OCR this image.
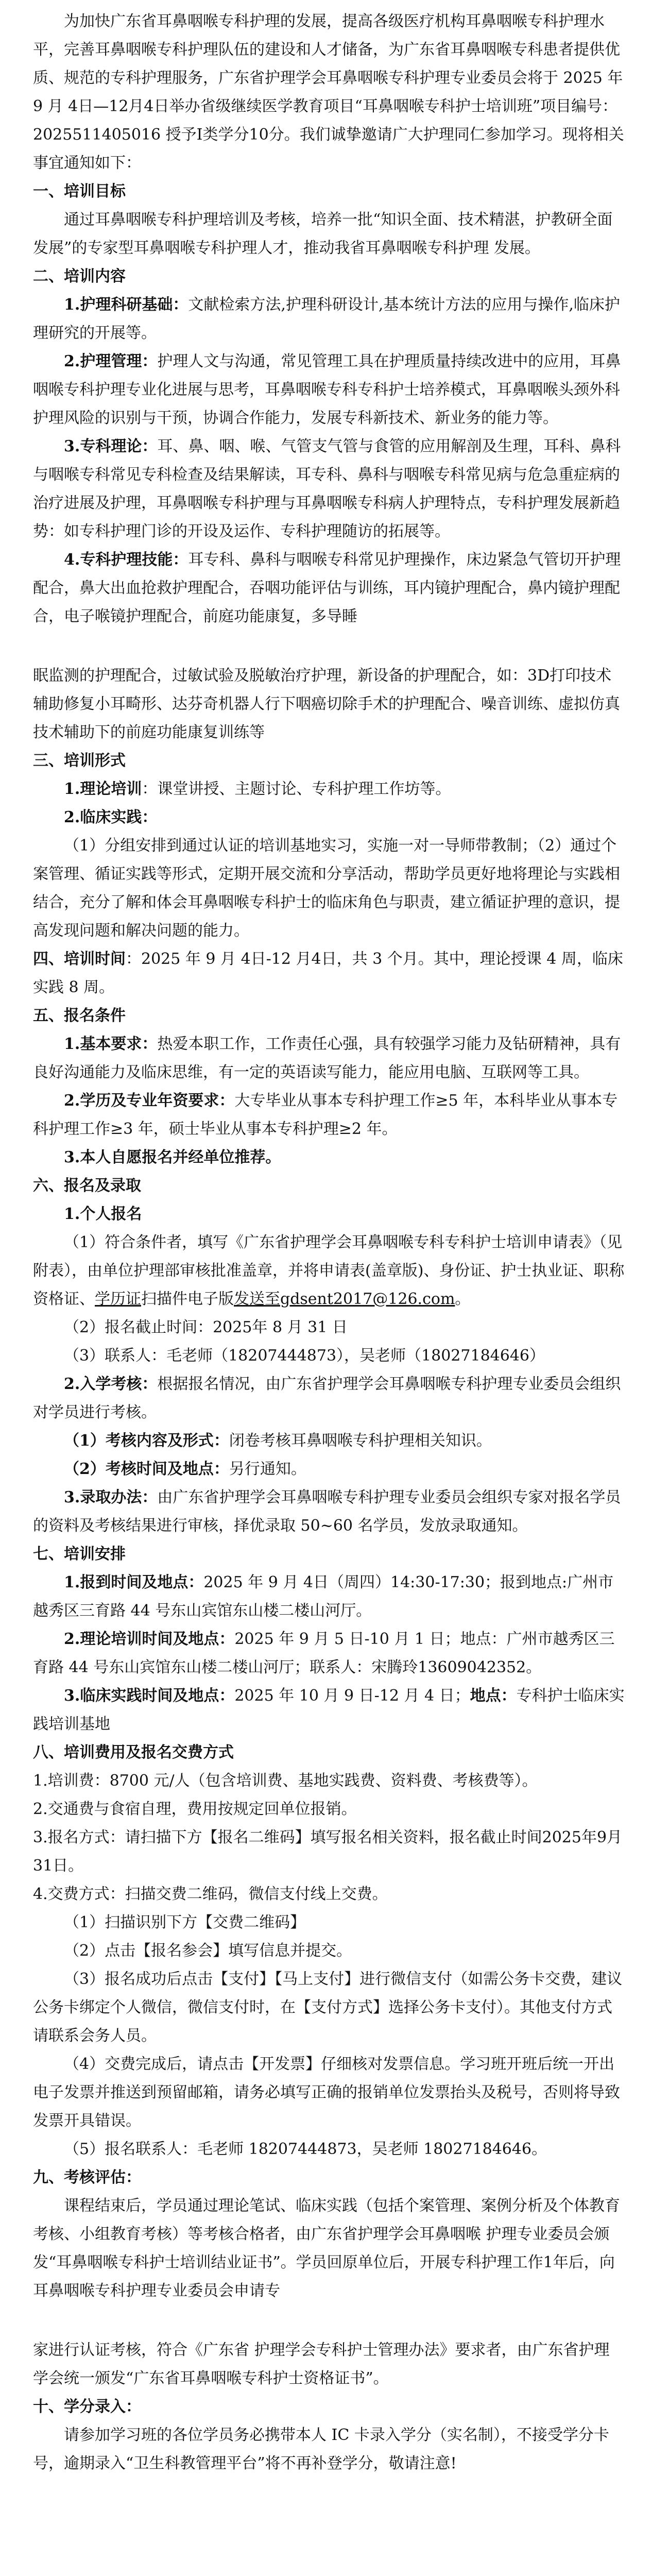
为加快广东省耳鼻咽喉专科护理的发展，提高各级医疗机构耳鼻咽喉专科护理水平，完善耳鼻咽喉专科护理队伍的建设和人才储备，为广东省耳鼻咽喉专科患者提供优质、规范的专科护理服务，广东省护理学会耳鼻咽喉专科护理专业委员会将于 2025 年 9 月 4日—12月4日举办省级继续医学教育项目“耳鼻咽喉专科护士培训班”项目编号：2025511405016 授予Ⅰ类学分10分。我们诚挚邀请广大护理同仁参加学习。现将相关事宜通知如下：

一、培训目标

通过耳鼻咽喉专科护理培训及考核，培养一批“知识全面、技术精湛，护教研全面发展”的专家型耳鼻咽喉专科护理人才，推动我省耳鼻咽喉专科护理 发展。

二、培训内容

1.护理科研基础：文献检索方法,护理科研设计,基本统计方法的应用与操作,临床护理研究的开展等。

2.护理管理：护理人文与沟通，常见管理工具在护理质量持续改进中的应用，耳鼻咽喉专科护理专业化进展与思考，耳鼻咽喉专科专科护士培养模式，耳鼻咽喉头颈外科护理风险的识别与干预，协调合作能力，发展专科新技术、新业务的能力等。

3.专科理论：耳、鼻、咽、喉、气管支气管与食管的应用解剖及生理，耳科、鼻科与咽喉专科常见专科检查及结果解读，耳专科、鼻科与咽喉专科常见病与危急重症病的治疗进展及护理，耳鼻咽喉专科护理与耳鼻咽喉专科病人护理特点，专科护理发展新趋势：如专科护理门诊的开设及运作、专科护理随访的拓展等。

4.专科护理技能：耳专科、鼻科与咽喉专科常见护理操作，床边紧急气管切开护理配合，鼻大出血抢救护理配合，吞咽功能评估与训练，耳内镜护理配合，鼻内镜护理配合，电子喉镜护理配合，前庭功能康复，多导睡

眠监测的护理配合，过敏试验及脱敏治疗护理，新设备的护理配合，如：3D打印技术辅助修复小耳畸形、达芬奇机器人行下咽癌切除手术的护理配合、噪音训练、虚拟仿真技术辅助下的前庭功能康复训练等

三、培训形式

1.理论培训：课堂讲授、主题讨论、专科护理工作坊等。

2.临床实践：

（1）分组安排到通过认证的培训基地实习，实施一对一导师带教制；（2）通过个案管理、循证实践等形式，定期开展交流和分享活动，帮助学员更好地将理论与实践相结合，充分了解和体会耳鼻咽喉专科护士的临床角色与职责，建立循证护理的意识，提高发现问题和解决问题的能力。

四、培训时间：2025 年 9 月 4日-12 月4日，共 3 个月。其中，理论授课 4 周，临床实践 8 周。

五、报名条件

1.基本要求：热爱本职工作，工作责任心强，具有较强学习能力及钻研精神，具有良好沟通能力及临床思维，有一定的英语读写能力，能应用电脑、互联网等工具。

2.学历及专业年资要求：大专毕业从事本专科护理工作≥5 年，本科毕业从事本专科护理工作≥3 年，硕士毕业从事本专科护理≥2 年。

3.本人自愿报名并经单位推荐。

六、报名及录取

1.个人报名

（1）符合条件者，填写《广东省护理学会耳鼻咽喉专科专科护士培训申请表》（见附表），由单位护理部审核批准盖章，并将申请表(盖章版)、身份证、护士执业证、职称资格证、学历证扫描件电子版发送至gdsent2017@126.com。

（2）报名截止时间：2025年 8 月 31 日

（3）联系人：毛老师（18207444873），吴老师（18027184646）

2.入学考核：根据报名情况，由广东省护理学会耳鼻咽喉专科护理专业委员会组织对学员进行考核。

（1）考核内容及形式：闭卷考核耳鼻咽喉专科护理相关知识。

（2）考核时间及地点：另行通知。

3.录取办法：由广东省护理学会耳鼻咽喉专科护理专业委员会组织专家对报名学员的资料及考核结果进行审核，择优录取 50~60 名学员，发放录取通知。

七、培训安排

1.报到时间及地点：2025 年 9 月 4日（周四）14:30-17:30；报到地点:广州市越秀区三育路 44 号东山宾馆东山楼二楼山河厅。

2.理论培训时间及地点：2025 年 9 月 5 日-10 月 1 日；地点：广州市越秀区三育路 44 号东山宾馆东山楼二楼山河厅；联系人：宋腾玲13609042352。

3.临床实践时间及地点：2025 年 10 月 9 日-12 月 4 日；地点：专科护士临床实践培训基地

八、培训费用及报名交费方式

1.培训费：8700 元/人（包含培训费、基地实践费、资料费、考核费等）。

2.交通费与食宿自理，费用按规定回单位报销。

3.报名方式：请扫描下方【报名二维码】填写报名相关资料，报名截止时间2025年9月31日。

4.交费方式：扫描交费二维码，微信支付线上交费。

（1）扫描识别下方【交费二维码】

（2）点击【报名参会】填写信息并提交。

（3）报名成功后点击【支付】【马上支付】进行微信支付（如需公务卡交费，建议公务卡绑定个人微信，微信支付时，在【支付方式】选择公务卡支付）。其他支付方式请联系会务人员。

（4）交费完成后，请点击【开发票】仔细核对发票信息。学习班开班后统一开出电子发票并推送到预留邮箱，请务必填写正确的报销单位发票抬头及税号，否则将导致发票开具错误。

（5）报名联系人：毛老师 18207444873，吴老师 18027184646。

九、考核评估：

课程结束后，学员通过理论笔试、临床实践（包括个案管理、案例分析及个体教育考核、小组教育考核）等考核合格者，由广东省护理学会耳鼻咽喉 护理专业委员会颁发“耳鼻咽喉专科护士培训结业证书”。学员回原单位后，开展专科护理工作1年后，向耳鼻咽喉专科护理专业委员会申请专

家进行认证考核，符合《广东省 护理学会专科护士管理办法》要求者，由广东省护理学会统一颁发“广东省耳鼻咽喉专科护士资格证书”。

十、学分录入：

请参加学习班的各位学员务必携带本人 IC 卡录入学分（实名制），不接受学分卡号，逾期录入“卫生科教管理平台”将不再补登学分，敬请注意!
